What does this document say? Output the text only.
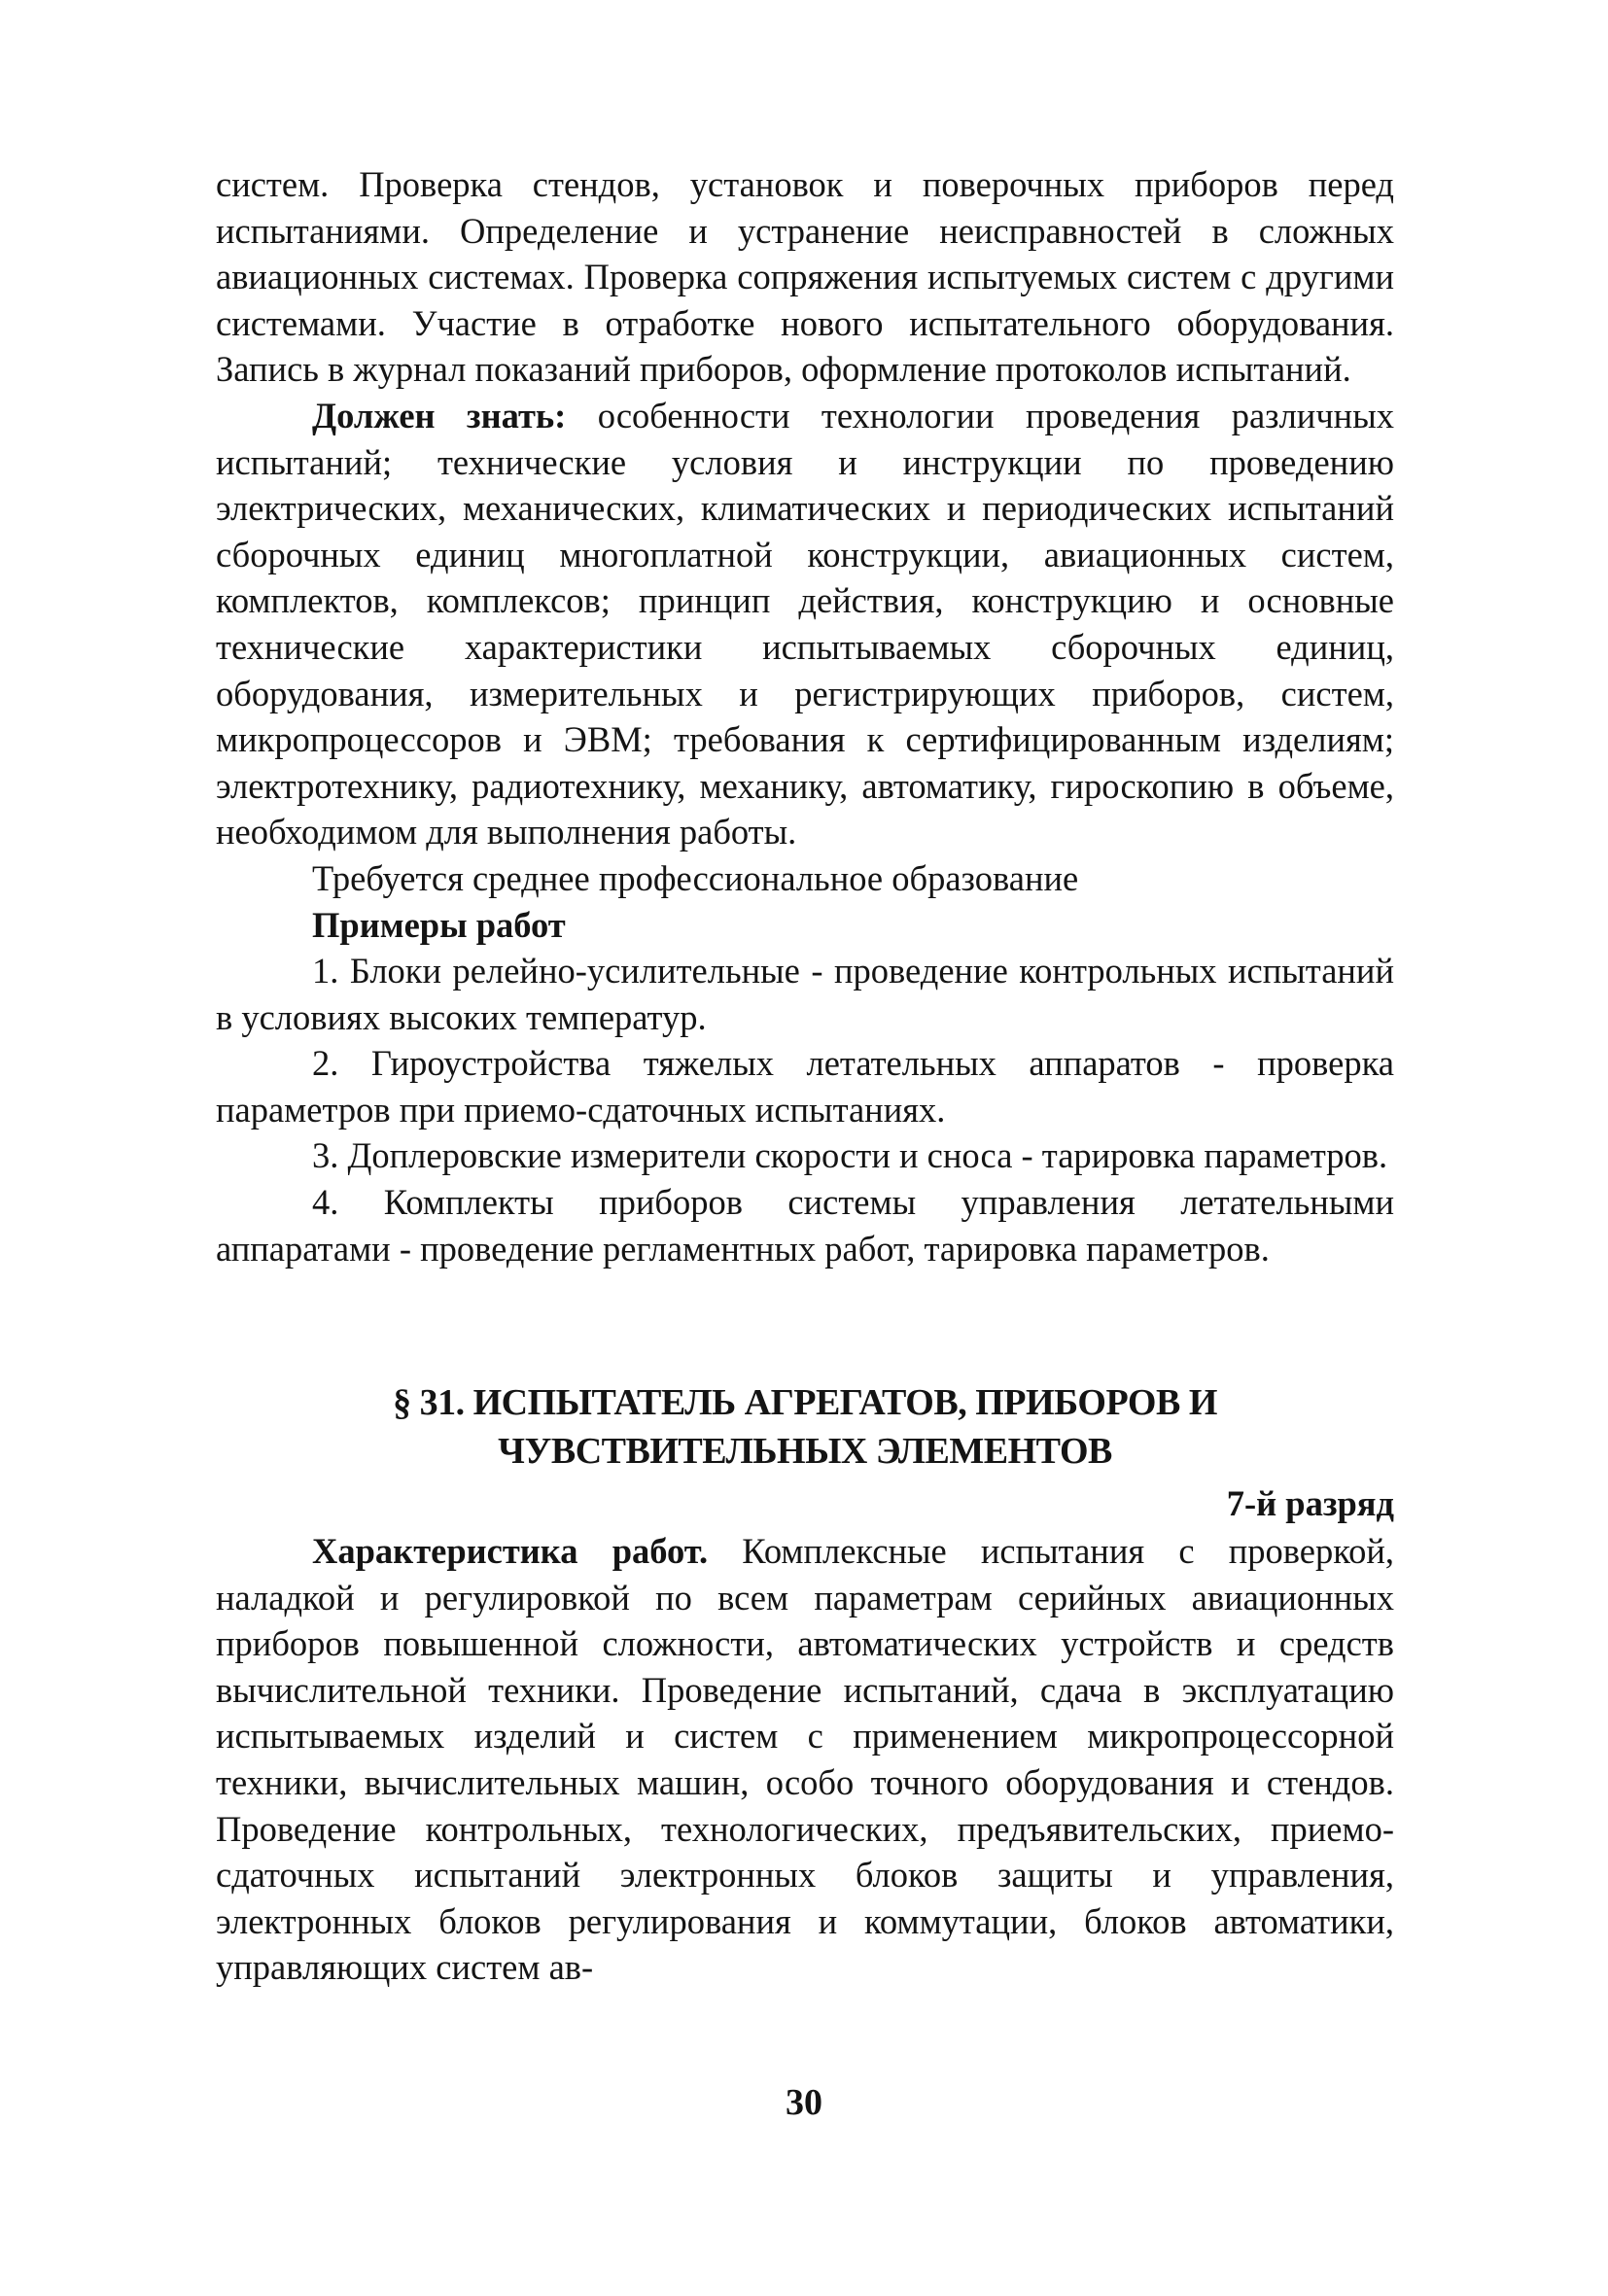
систем. Проверка стендов, установок и поверочных приборов перед испытаниями. Определение и устранение неисправностей в сложных авиационных системах. Проверка сопряжения испытуемых систем с другими системами. Участие в отработке нового испытательного оборудования. Запись в журнал показаний приборов, оформление протоколов испытаний.

Должен знать: особенности технологии проведения различных испытаний; технические условия и инструкции по проведению электрических, механических, климатических и периодических испытаний сборочных единиц многоплатной конструкции, авиационных систем, комплектов, комплексов; принцип действия, конструкцию и основные технические характеристики испытываемых сборочных единиц, оборудования, измерительных и регистрирующих приборов, систем, микропроцессоров и ЭВМ; требования к сертифицированным изделиям; электротехнику, радиотехнику, механику, автоматику, гироскопию в объеме, необходимом для выполнения работы.

Требуется среднее профессиональное образование

Примеры работ

1. Блоки релейно-усилительные - проведение контрольных испытаний в условиях высоких температур.

2. Гироустройства тяжелых летательных аппаратов - проверка параметров при приемо-сдаточных испытаниях.

3. Доплеровские измерители скорости и сноса - тарировка параметров.

4. Комплекты приборов системы управления летательными аппаратами - проведение регламентных работ, тарировка параметров.

§ 31. ИСПЫТАТЕЛЬ АГРЕГАТОВ, ПРИБОРОВ И
ЧУВСТВИТЕЛЬНЫХ ЭЛЕМЕНТОВ
7-й разряд

Характеристика работ. Комплексные испытания с проверкой, наладкой и регулировкой по всем параметрам серийных авиационных приборов повышенной сложности, автоматических устройств и средств вычислительной техники. Проведение испытаний, сдача в эксплуатацию испытываемых изделий и систем с применением микропроцессорной техники, вычислительных машин, особо точного оборудования и стендов. Проведение контрольных, технологических, предъявительских, приемо-сдаточных испытаний электронных блоков защиты и управления, электронных блоков регулирования и коммутации, блоков автоматики, управляющих систем ав-

30
